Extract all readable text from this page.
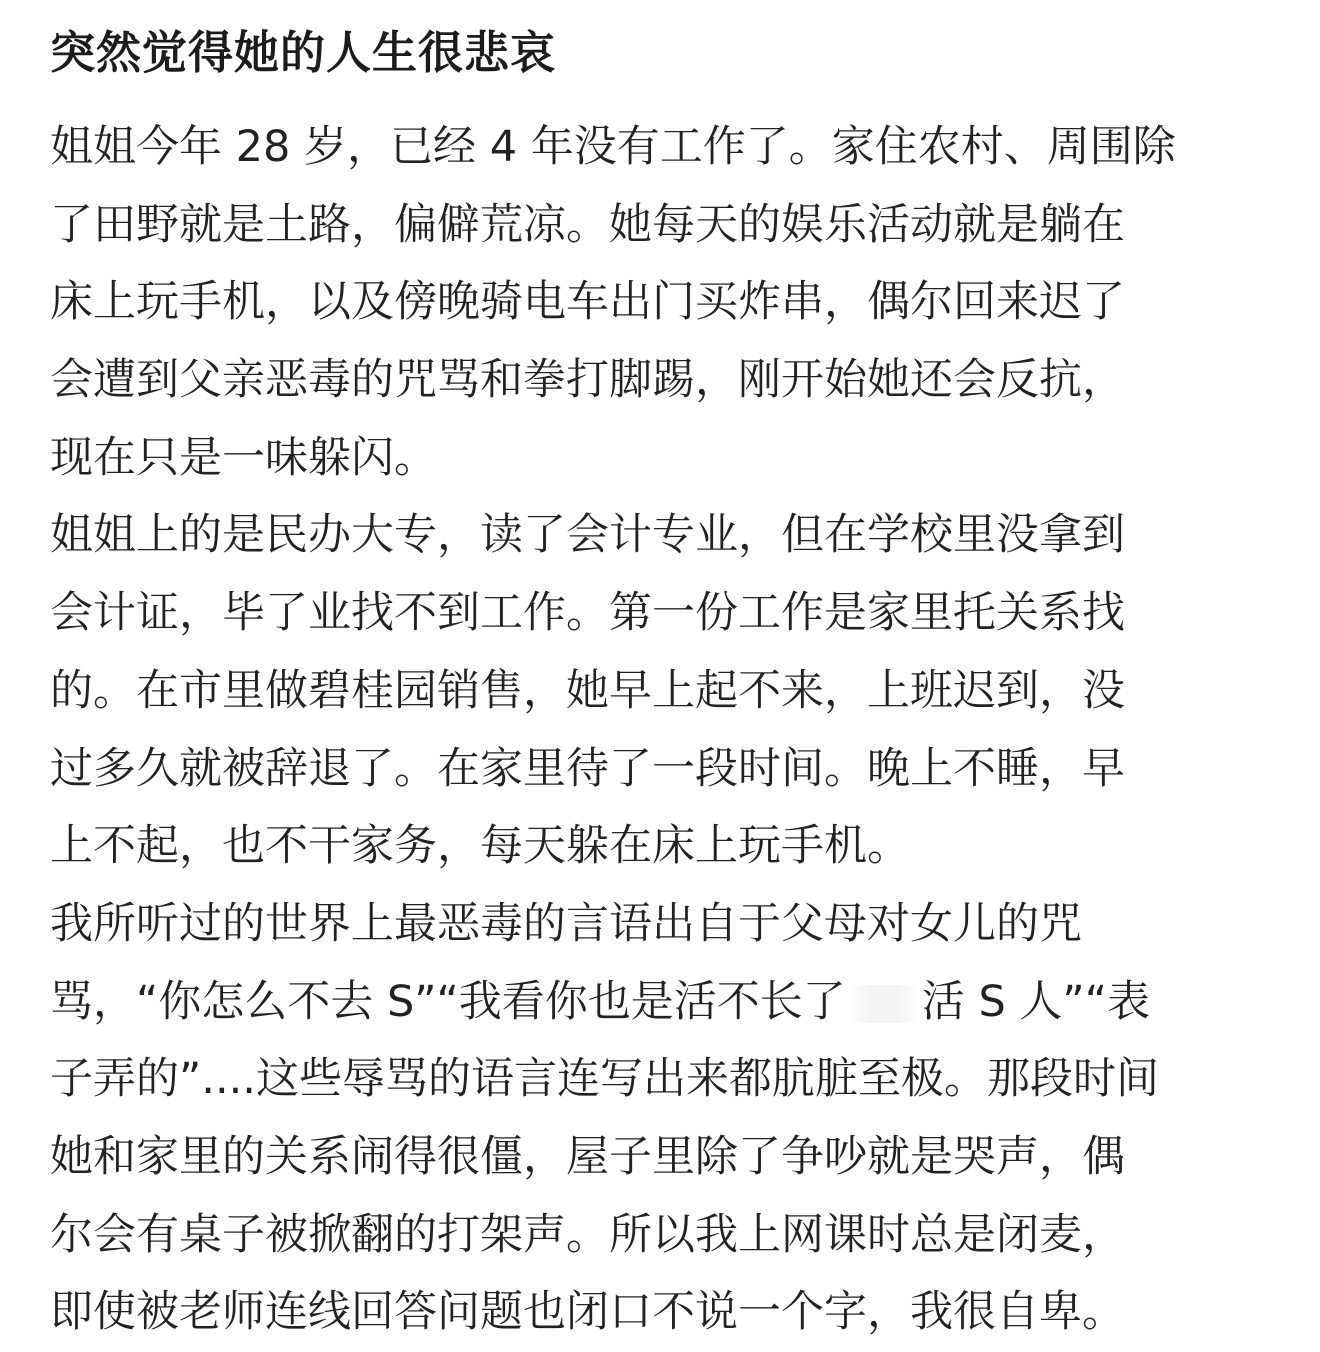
突然觉得她的人生很悲哀
姐姐今年 28 岁，已经 4 年没有工作了。家住农村、周围除
了田野就是土路，偏僻荒凉。她每天的娱乐活动就是躺在
床上玩手机，以及傍晚骑电车出门买炸串，偶尔回来迟了
会遭到父亲恶毒的咒骂和拳打脚踢，刚开始她还会反抗，
现在只是一味躲闪。
姐姐上的是民办大专，读了会计专业，但在学校里没拿到
会计证，毕了业找不到工作。第一份工作是家里托关系找
的。在市里做碧桂园销售，她早上起不来，上班迟到，没
过多久就被辞退了。在家里待了一段时间。晚上不睡，早
上不起，也不干家务，每天躲在床上玩手机。
我所听过的世界上最恶毒的言语出自于父母对女儿的咒
骂，“你怎么不去 S”“我看你也是活不长了 活 S 人”“表
子弄的”....这些辱骂的语言连写出来都肮脏至极。那段时间
她和家里的关系闹得很僵，屋子里除了争吵就是哭声，偶
尔会有桌子被掀翻的打架声。所以我上网课时总是闭麦，
即使被老师连线回答问题也闭口不说一个字，我很自卑。
